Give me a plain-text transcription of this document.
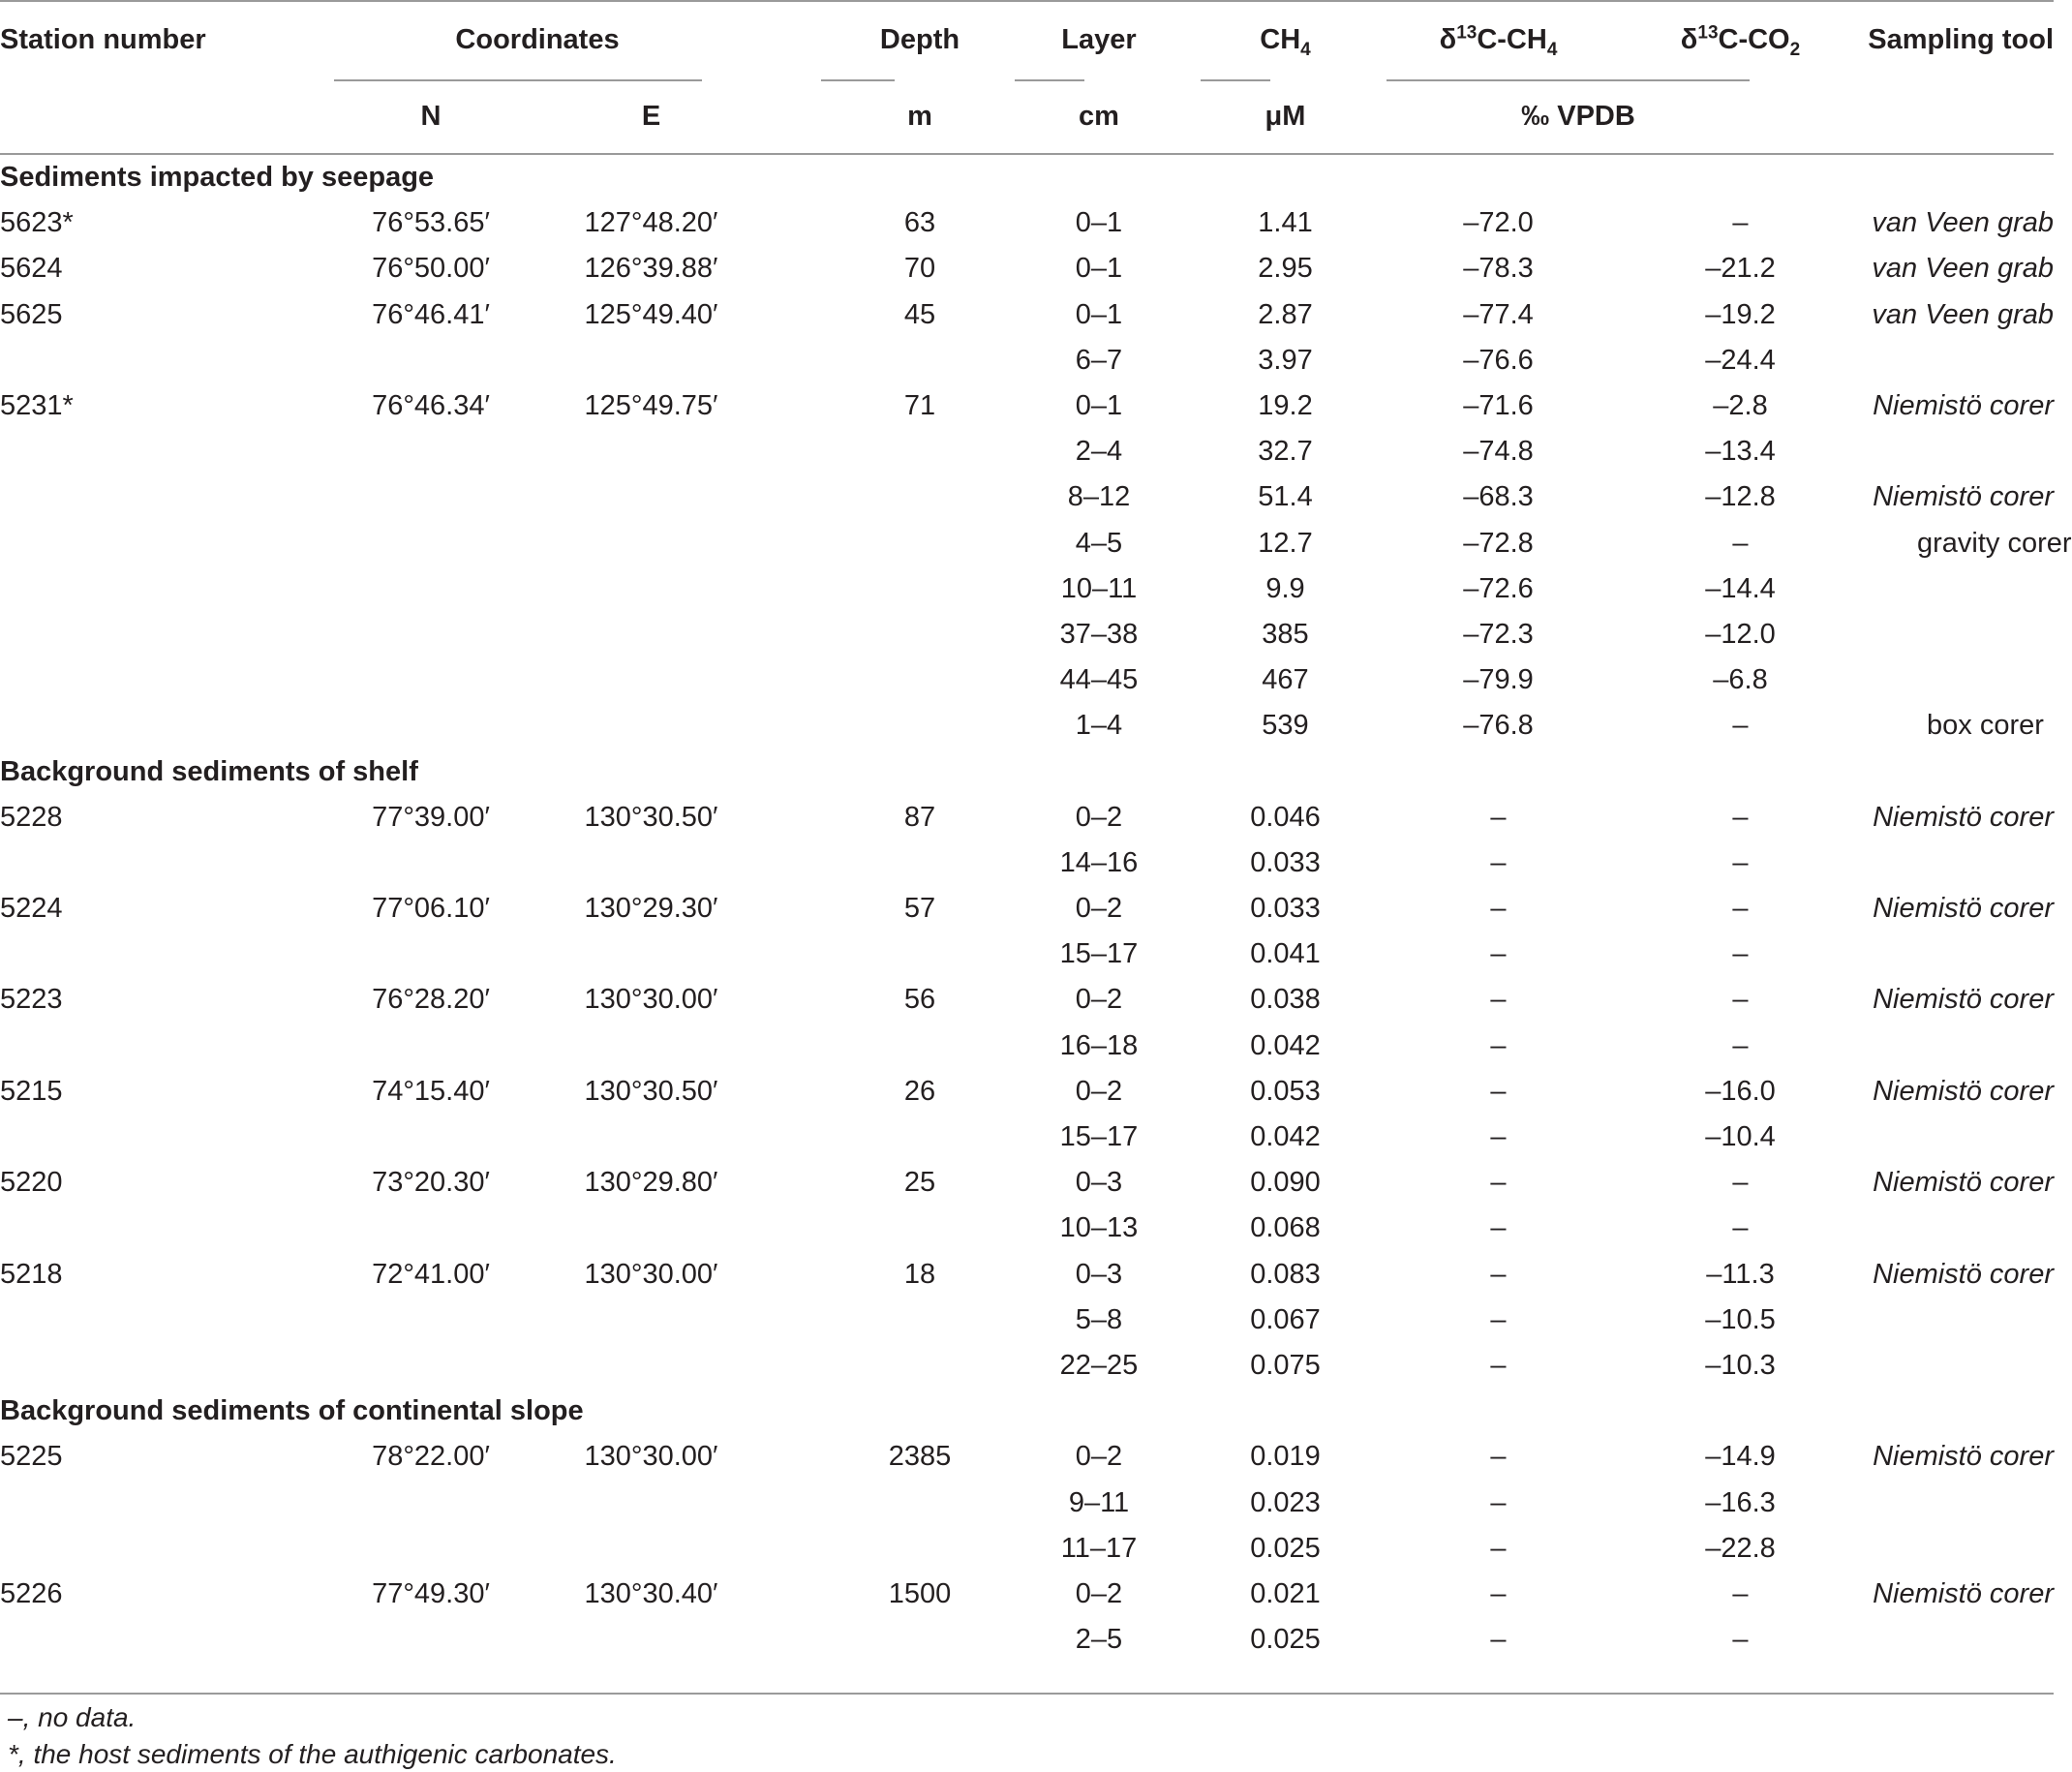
Station number	Coordinates		Depth	Layer	$CH_4$	$\delta^{13}C-CH_4$	$\delta^{13}C-CO_2$	Sampling tool
	N	E	m	cm	μM	‰ VPDB		
Sediments impacted by seepage								
5623*	76°53.65′	127°48.20′	63	0–1	1.41	–72.0	–	van Veen grab
5624	76°50.00′	126°39.88′	70	0–1	2.95	–78.3	–21.2	van Veen grab
5625	76°46.41′	125°49.40′	45	0–1	2.87	–77.4	–19.2	van Veen grab
				6–7	3.97	–76.6	–24.4	
5231*	76°46.34′	125°49.75′	71	0–1	19.2	–71.6	–2.8	Niemistö corer
				2–4	32.7	–74.8	–13.4	
				8–12	51.4	–68.3	–12.8	Niemistö corer
				4–5	12.7	–72.8	–	gravity corer
				10–11	9.9	–72.6	–14.4	
				37–38	385	–72.3	–12.0	
				44–45	467	–79.9	–6.8	
				1–4	539	–76.8	–	box corer
Background sediments of shelf								
5228	77°39.00′	130°30.50′	87	0–2	0.046	–	–	Niemistö corer
				14–16	0.033	–	–	
5224	77°06.10′	130°29.30′	57	0–2	0.033	–	–	Niemistö corer
				15–17	0.041	–	–	
5223	76°28.20′	130°30.00′	56	0–2	0.038	–	–	Niemistö corer
				16–18	0.042	–	–	
5215	74°15.40′	130°30.50′	26	0–2	0.053	–	–16.0	Niemistö corer
				15–17	0.042	–	–10.4	
5220	73°20.30′	130°29.80′	25	0–3	0.090	–	–	Niemistö corer
				10–13	0.068	–	–	
5218	72°41.00′	130°30.00′	18	0–3	0.083	–	–11.3	Niemistö corer
				5–8	0.067	–	–10.5	
				22–25	0.075	–	–10.3	
Background sediments of continental slope								
5225	78°22.00′	130°30.00′	2385	0–2	0.019	–	–14.9	Niemistö corer
				9–11	0.023	–	–16.3	
				11–17	0.025	–	–22.8	
5226	77°49.30′	130°30.40′	1500	0–2	0.021	–	–	Niemistö corer
				2–5	0.025	–	–	
–, no data.
*, the host sediments of the authigenic carbonates.
